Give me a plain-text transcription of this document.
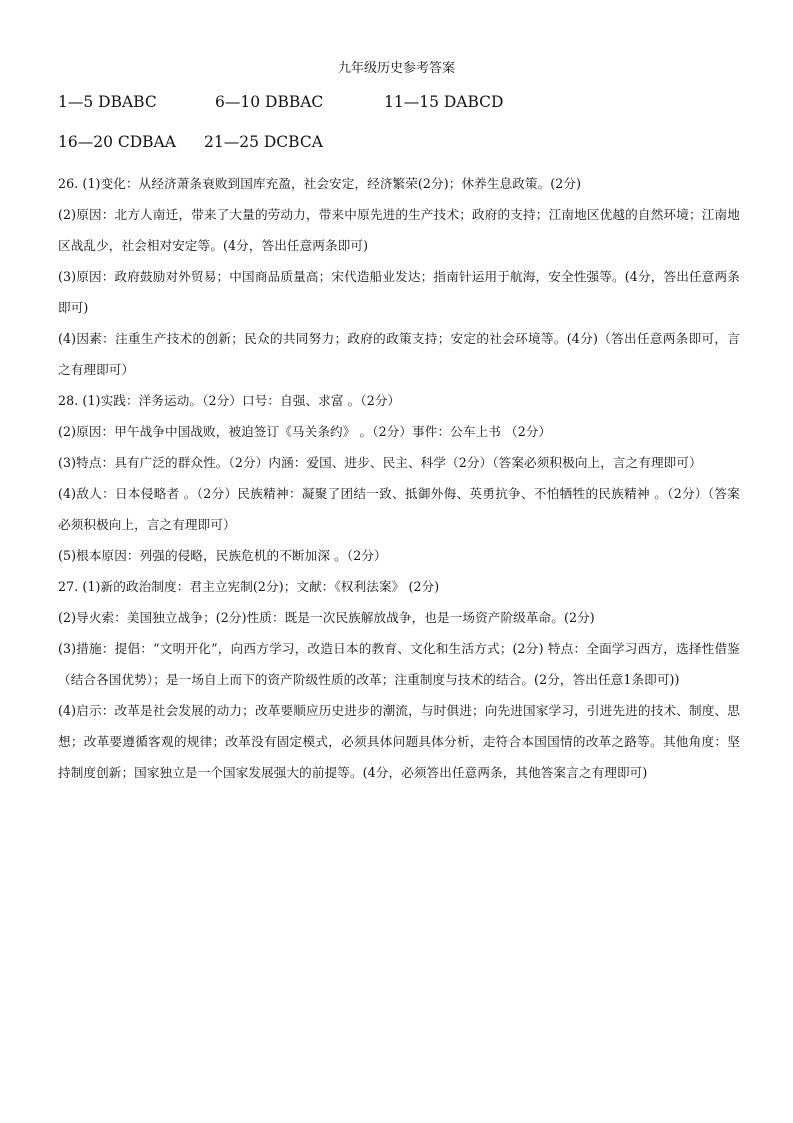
九年级历史参考答案
1—5 DBABC	6—10 DBBAC	11—15 DABCD
16—20 CDBAA 21—25 DCBCA

26. (1)变化：从经济萧条衰败到国库充盈，社会安定，经济繁荣(2分)；休养生息政策。(2分)

(2)原因：北方人南迁，带来了大量的劳动力，带来中原先进的生产技术；政府的支持；江南地区优越的自然环境；江南地区战乱少，社会相对安定等。(4分，答出任意两条即可)

(3)原因：政府鼓励对外贸易；中国商品质量高；宋代造船业发达；指南针运用于航海，安全性强等。(4分，答出任意两条即可)

(4)因素：注重生产技术的创新；民众的共同努力；政府的政策支持；安定的社会环境等。(4分)（答出任意两条即可，言之有理即可）

28. (1)实践：洋务运动。（2分）口号：自强、求富 。（2分）

(2)原因：甲午战争中国战败，被迫签订《马关条约》 。（2分）事件：公车上书 （2分）

(3)特点：具有广泛的群众性。（2分）内涵：爱国、进步、民主、科学（2分）（答案必须积极向上，言之有理即可）

(4)敌人：日本侵略者 。（2分）民族精神：凝聚了团结一致、抵御外侮、英勇抗争、不怕牺牲的民族精神 。（2分）（答案必须积极向上，言之有理即可）

(5)根本原因：列强的侵略，民族危机的不断加深 。（2分）

27. (1)新的政治制度：君主立宪制(2分)；文献：《权利法案》 (2分)

(2)导火索：美国独立战争；(2分)性质：既是一次民族解放战争，也是一场资产阶级革命。(2分)

(3)措施：提倡：“文明开化”，向西方学习，改造日本的教育、文化和生活方式；(2分) 特点：全面学习西方，选择性借鉴（结合各国优势）；是一场自上而下的资产阶级性质的改革；注重制度与技术的结合。(2分，答出任意1条即可))

(4)启示：改革是社会发展的动力；改革要顺应历史进步的潮流，与时俱进；向先进国家学习，引进先进的技术、制度、思想；改革要遵循客观的规律；改革没有固定模式，必须具体问题具体分析，走符合本国国情的改革之路等。其他角度：坚持制度创新；国家独立是一个国家发展强大的前提等。(4分，必须答出任意两条，其他答案言之有理即可)
